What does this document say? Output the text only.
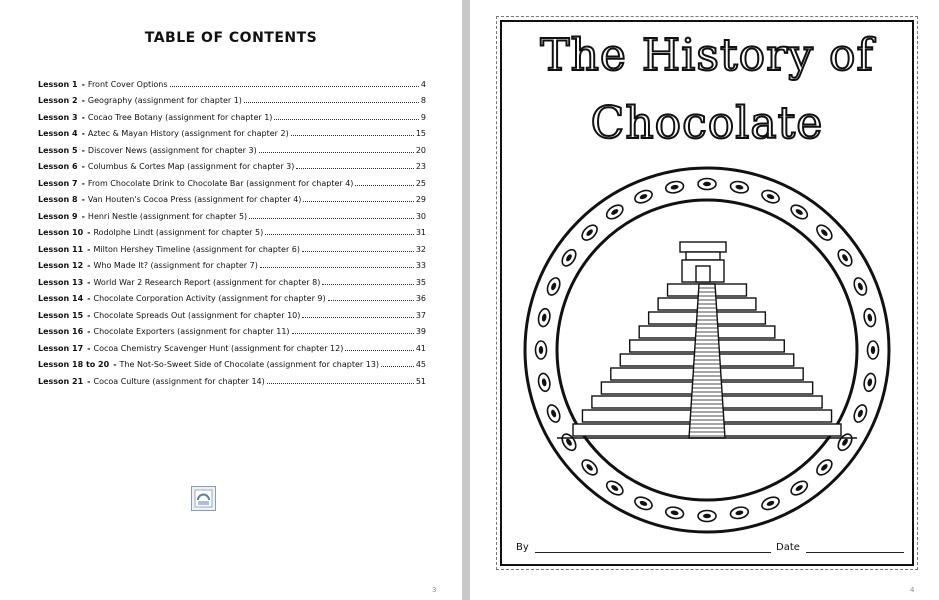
TABLE OF CONTENTS
Lesson 1 - Front Cover Options	4
Lesson 2 - Geography (assignment for chapter 1)	8
Lesson 3 - Cocao Tree Botany (assignment for chapter 1)	9
Lesson 4 - Aztec & Mayan History (assignment for chapter 2)	15
Lesson 5 - Discover News (assignment for chapter 3)	20
Lesson 6 - Columbus & Cortes Map (assignment for chapter 3)	23
Lesson 7 - From Chocolate Drink to Chocolate Bar (assignment for chapter 4)	25
Lesson 8 - Van Houten's Cocoa Press (assignment for chapter 4)	29
Lesson 9 - Henri Nestle (assignment for chapter 5)	30
Lesson 10 - Rodolphe Lindt (assignment for chapter 5)	31
Lesson 11 - Milton Hershey Timeline (assignment for chapter 6)	32
Lesson 12 - Who Made It? (assignment for chapter 7)	33
Lesson 13 - World War 2 Research Report (assignment for chapter 8)	35
Lesson 14 - Chocolate Corporation Activity (assignment for chapter 9)	36
Lesson 15 - Chocolate Spreads Out (assignment for chapter 10)	37
Lesson 16 - Chocolate Exporters (assignment for chapter 11)	39
Lesson 17 - Cocoa Chemistry Scavenger Hunt (assignment for chapter 12)	41
Lesson 18 to 20 - The Not-So-Sweet Side of Chocolate (assignment for chapter 13)	45
Lesson 21 - Cocoa Culture (assignment for chapter 14)	51
3
The History of
Chocolate
By	Date
4
